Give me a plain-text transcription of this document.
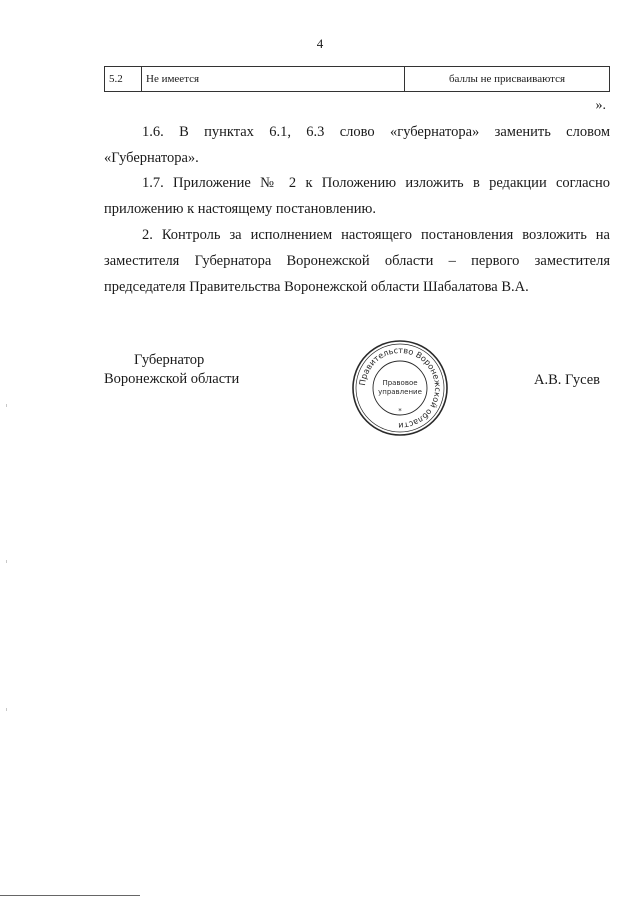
4
5.2	Не имеется	баллы не присваиваются
».

1.6. В пунктах 6.1, 6.3 слово «губернатора» заменить словом
«Губернатора».

1.7. Приложение № 2 к Положению изложить в редакции согласно
приложению к настоящему постановлению.

2. Контроль за исполнением настоящего постановления возложить на
заместителя Губернатора Воронежской области – первого заместителя
председателя Правительства Воронежской области Шабалатова В.А.

Губернатор
Воронежской области	Правительство Воронежской области
Правовое
управление
*
А.В. Гусев
